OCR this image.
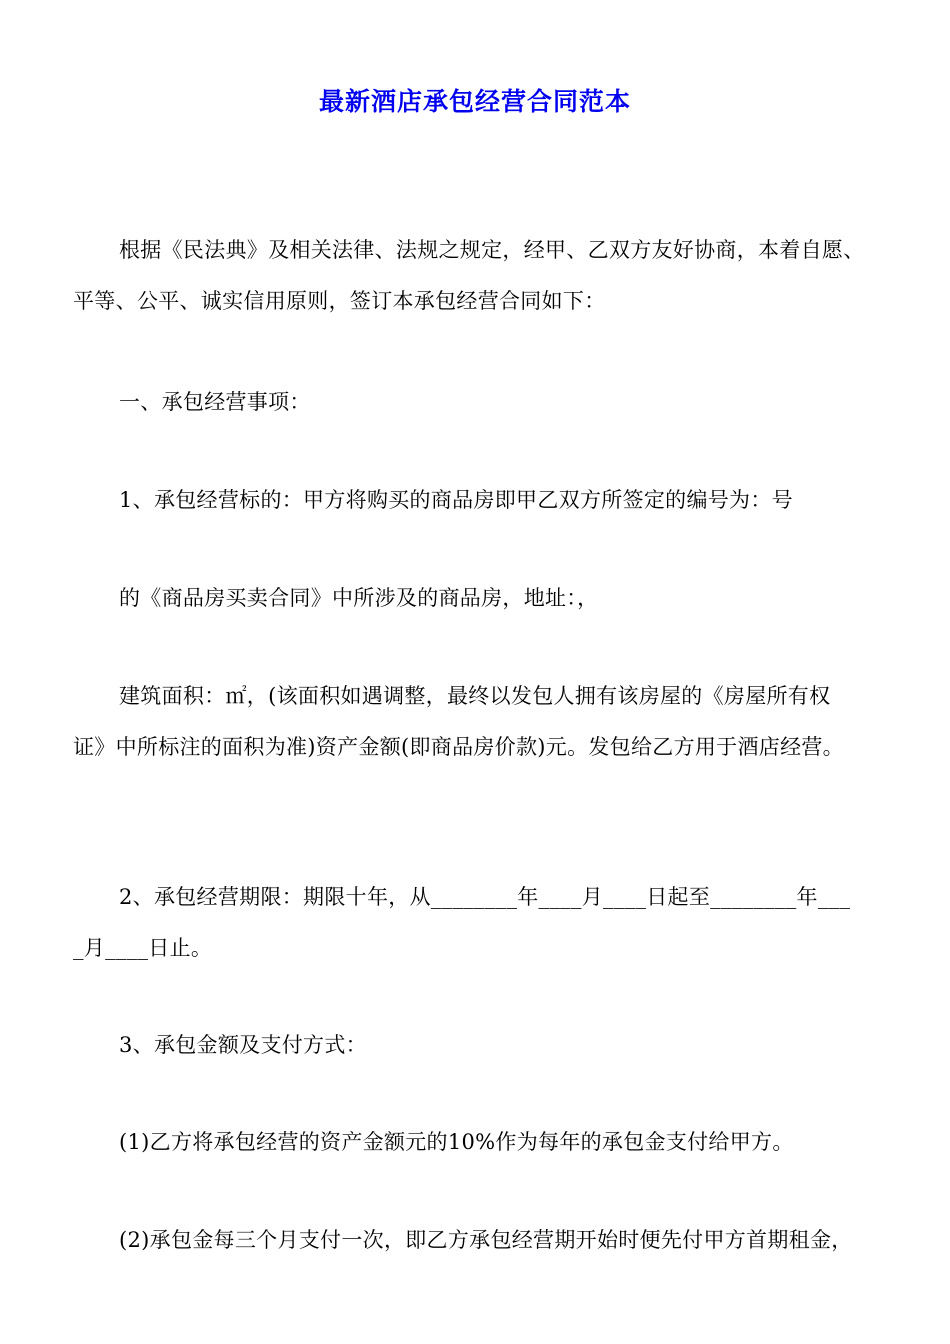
最新酒店承包经营合同范本

根据《民法典》及相关法律、法规之规定，经甲、乙双方友好协商，本着自愿、
平等、公平、诚实信用原则，签订本承包经营合同如下：

一、承包经营事项：

1、承包经营标的：甲方将购买的商品房即甲乙双方所签定的编号为：号

的《商品房买卖合同》中所涉及的商品房，地址：，

建筑面积：㎡，(该面积如遇调整，最终以发包人拥有该房屋的《房屋所有权
证》中所标注的面积为准)资产金额(即商品房价款)元。发包给乙方用于酒店经营。

2、承包经营期限：期限十年，从________年____月____日起至________年___
_月____日止。

3、承包金额及支付方式：

(1)乙方将承包经营的资产金额元的10%作为每年的承包金支付给甲方。

(2)承包金每三个月支付一次，即乙方承包经营期开始时便先付甲方首期租金，
